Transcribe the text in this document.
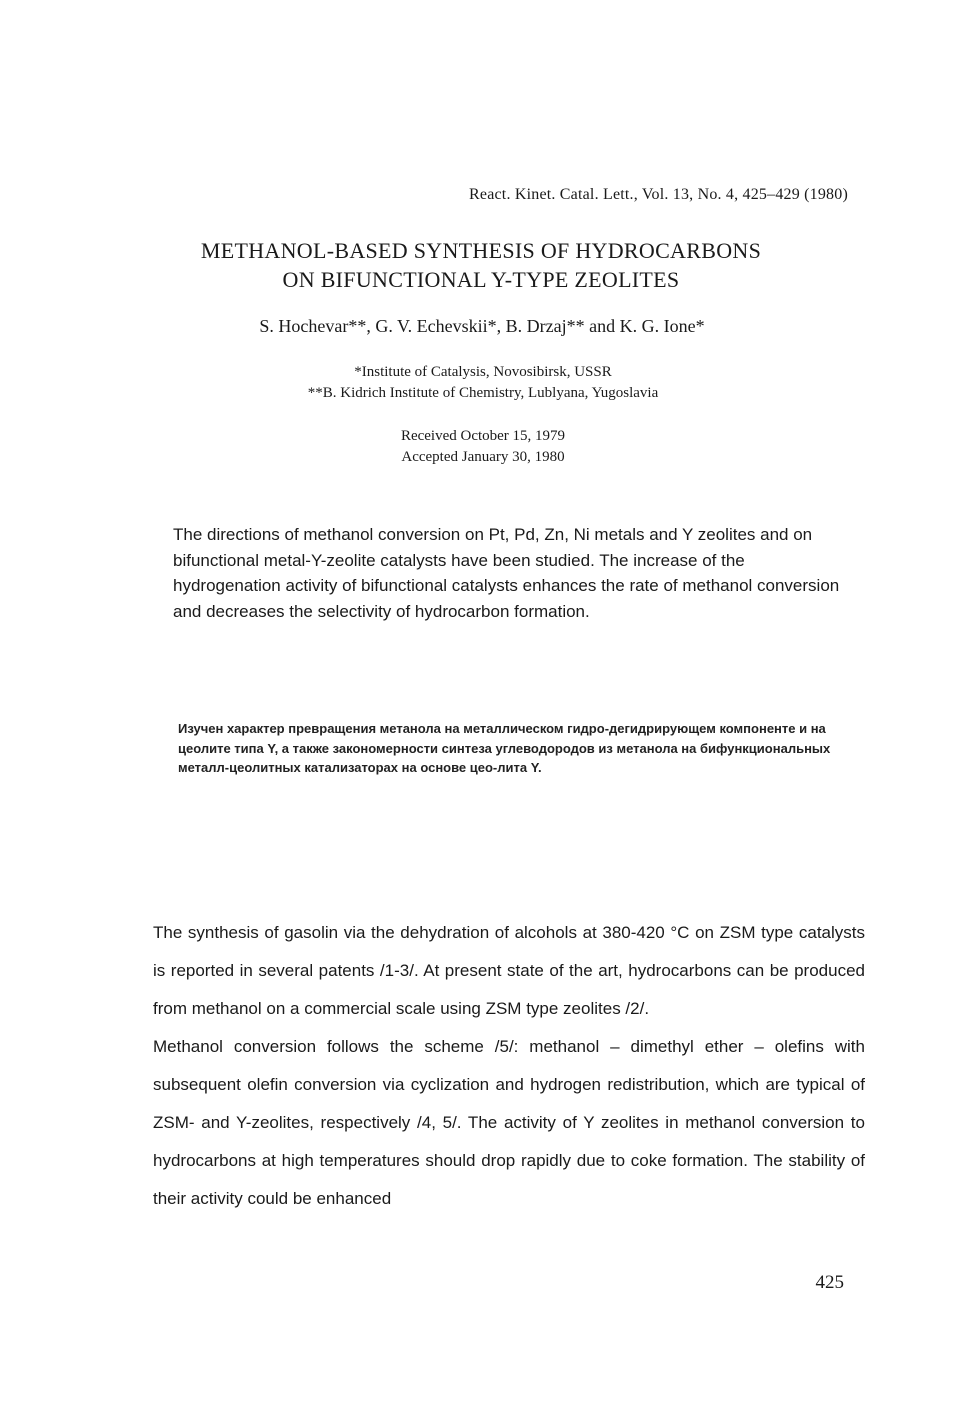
React. Kinet. Catal. Lett., Vol. 13, No. 4, 425–429 (1980)
METHANOL-BASED SYNTHESIS OF HYDROCARBONS
ON BIFUNCTIONAL Y-TYPE ZEOLITES
S. Hochevar**, G. V. Echevskii*, B. Drzaj** and K. G. Ione*
*Institute of Catalysis, Novosibirsk, USSR
**B. Kidrich Institute of Chemistry, Lublyana, Yugoslavia
Received October 15, 1979
Accepted January 30, 1980
The directions of methanol conversion on Pt, Pd, Zn, Ni metals and Y zeolites and on bifunctional metal-Y-zeolite catalysts have been studied. The increase of the hydrogenation activity of bifunctional catalysts enhances the rate of methanol conversion and decreases the selectivity of hydrocarbon formation.
Изучен характер превращения метанола на металлическом гидро-дегидрирующем компоненте и на цеолите типа Y, а также закономерности синтеза углеводородов из метанола на бифункциональных металл-цеолитных катализаторах на основе цео-лита Y.

The synthesis of gasolin via the dehydration of alcohols at 380-420 °C on ZSM type catalysts is reported in several patents /1-3/. At present state of the art, hydrocarbons can be produced from methanol on a commercial scale using ZSM type zeolites /2/.

Methanol conversion follows the scheme /5/: methanol – dimethyl ether – olefins with subsequent olefin conversion via cyclization and hydrogen redistribution, which are typical of ZSM- and Y-zeolites, respectively /4, 5/. The activity of Y zeolites in methanol conversion to hydrocarbons at high temperatures should drop rapidly due to coke formation. The stability of their activity could be enhanced

425
